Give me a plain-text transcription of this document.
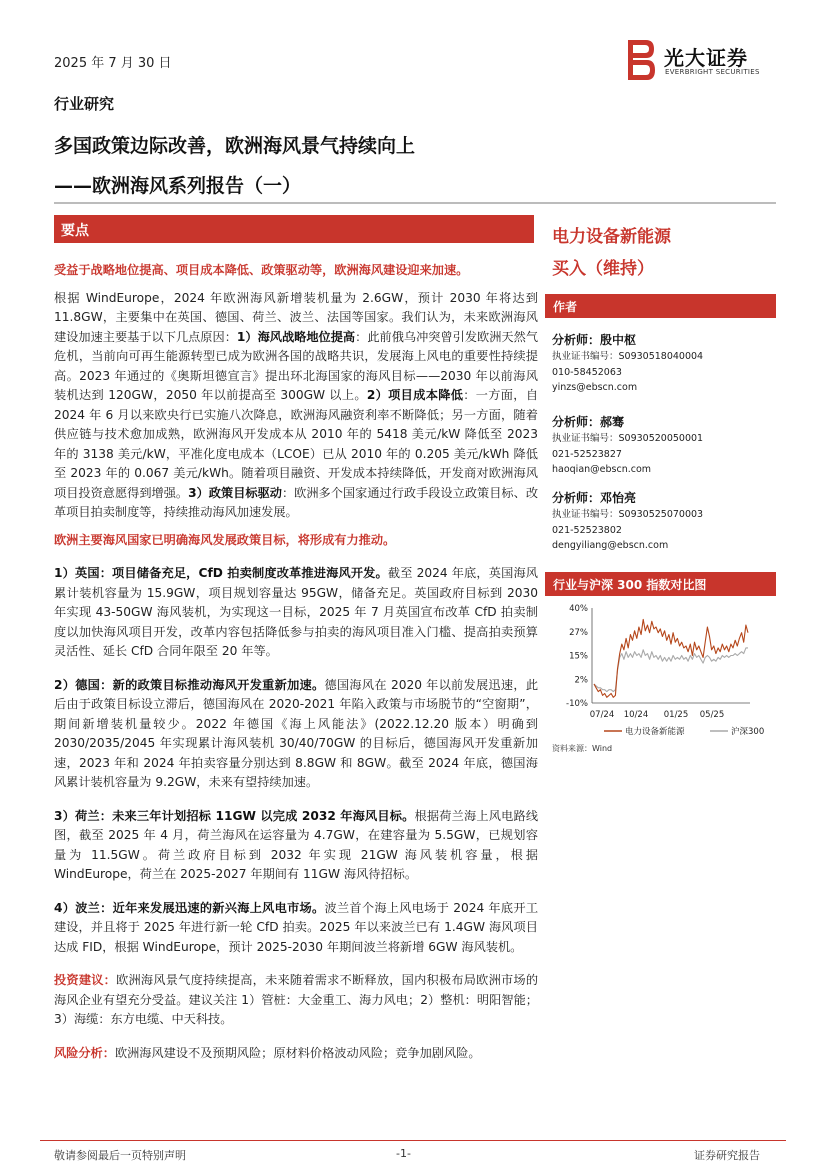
2025 年 7 月 30 日	光大证券
EVERBRIGHT SECURITIES
行业研究
多国政策边际改善，欧洲海风景气持续向上
——欧洲海风系列报告（一）
要点

受益于战略地位提高、项目成本降低、政策驱动等，欧洲海风建设迎来加速。

根据 WindEurope，2024 年欧洲海风新增装机量为 2.6GW，预计 2030 年将达到 11.8GW，主要集中在英国、德国、荷兰、波兰、法国等国家。我们认为，未来欧洲海风建设加速主要基于以下几点原因：1）海风战略地位提高：此前俄乌冲突曾引发欧洲天然气危机，当前向可再生能源转型已成为欧洲各国的战略共识，发展海上风电的重要性持续提高。2023 年通过的《奥斯坦德宣言》提出环北海国家的海风目标——2030 年以前海风装机达到 120GW，2050 年以前提高至 300GW 以上。2）项目成本降低：一方面，自 2024 年 6 月以来欧央行已实施八次降息，欧洲海风融资利率不断降低；另一方面，随着供应链与技术愈加成熟，欧洲海风开发成本从 2010 年的 5418 美元/kW 降低至 2023 年的 3138 美元/kW，平准化度电成本（LCOE）已从 2010 年的 0.205 美元/kWh 降低至 2023 年的 0.067 美元/kWh。随着项目融资、开发成本持续降低，开发商对欧洲海风项目投资意愿得到增强。3）政策目标驱动：欧洲多个国家通过行政手段设立政策目标、改革项目拍卖制度等，持续推动海风加速发展。

欧洲主要海风国家已明确海风发展政策目标，将形成有力推动。

1）英国：项目储备充足，CfD 拍卖制度改革推进海风开发。截至 2024 年底，英国海风累计装机容量为 15.9GW，项目规划容量达 95GW，储备充足。英国政府目标到 2030 年实现 43-50GW 海风装机，为实现这一目标，2025 年 7 月英国宣布改革 CfD 拍卖制度以加快海风项目开发，改革内容包括降低参与拍卖的海风项目准入门槛、提高拍卖预算灵活性、延长 CfD 合同年限至 20 年等。

2）德国：新的政策目标推动海风开发重新加速。德国海风在 2020 年以前发展迅速，此后由于政策目标设立滞后，德国海风在 2020-2021 年陷入政策与市场脱节的“空窗期”，期间新增装机量较少。2022 年德国《海上风能法》(2022.12.20 版本）明确到 2030/2035/2045 年实现累计海风装机 30/40/70GW 的目标后，德国海风开发重新加速，2023 年和 2024 年拍卖容量分别达到 8.8GW 和 8GW。截至 2024 年底，德国海风累计装机容量为 9.2GW，未来有望持续加速。

3）荷兰：未来三年计划招标 11GW 以完成 2032 年海风目标。根据荷兰海上风电路线图，截至 2025 年 4 月，荷兰海风在运容量为 4.7GW，在建容量为 5.5GW，已规划容量为 11.5GW。荷兰政府目标到 2032 年实现 21GW 海风装机容量，根据 WindEurope，荷兰在 2025-2027 年期间有 11GW 海风待招标。

4）波兰：近年来发展迅速的新兴海上风电市场。波兰首个海上风电场于 2024 年底开工建设，并且将于 2025 年进行新一轮 CfD 拍卖。2025 年以来波兰已有 1.4GW 海风项目达成 FID，根据 WindEurope，预计 2025-2030 年期间波兰将新增 6GW 海风装机。

投资建议：欧洲海风景气度持续提高，未来随着需求不断释放，国内积极布局欧洲市场的海风企业有望充分受益。建议关注 1）管桩：大金重工、海力风电；2）整机：明阳智能；3）海缆：东方电缆、中天科技。

风险分析：欧洲海风建设不及预期风险；原材料价格波动风险；竞争加剧风险。

电力设备新能源
买入（维持）
作者
分析师：殷中枢
执业证书编号：S0930518040004
010-58452063
yinzs@ebscn.com
分析师：郝骞
执业证书编号：S0930520050001
021-52523827
haoqian@ebscn.com
分析师：邓怡亮
执业证书编号：S0930525070003
021-52523802
dengyiliang@ebscn.com
行业与沪深 300 指数对比图
40%
27%
15%
2%
-10%
07/24 10/24 01/25 05/25
电力设备新能源	沪深300
资料来源：Wind
敬请参阅最后一页特别声明	-1-	证券研究报告
